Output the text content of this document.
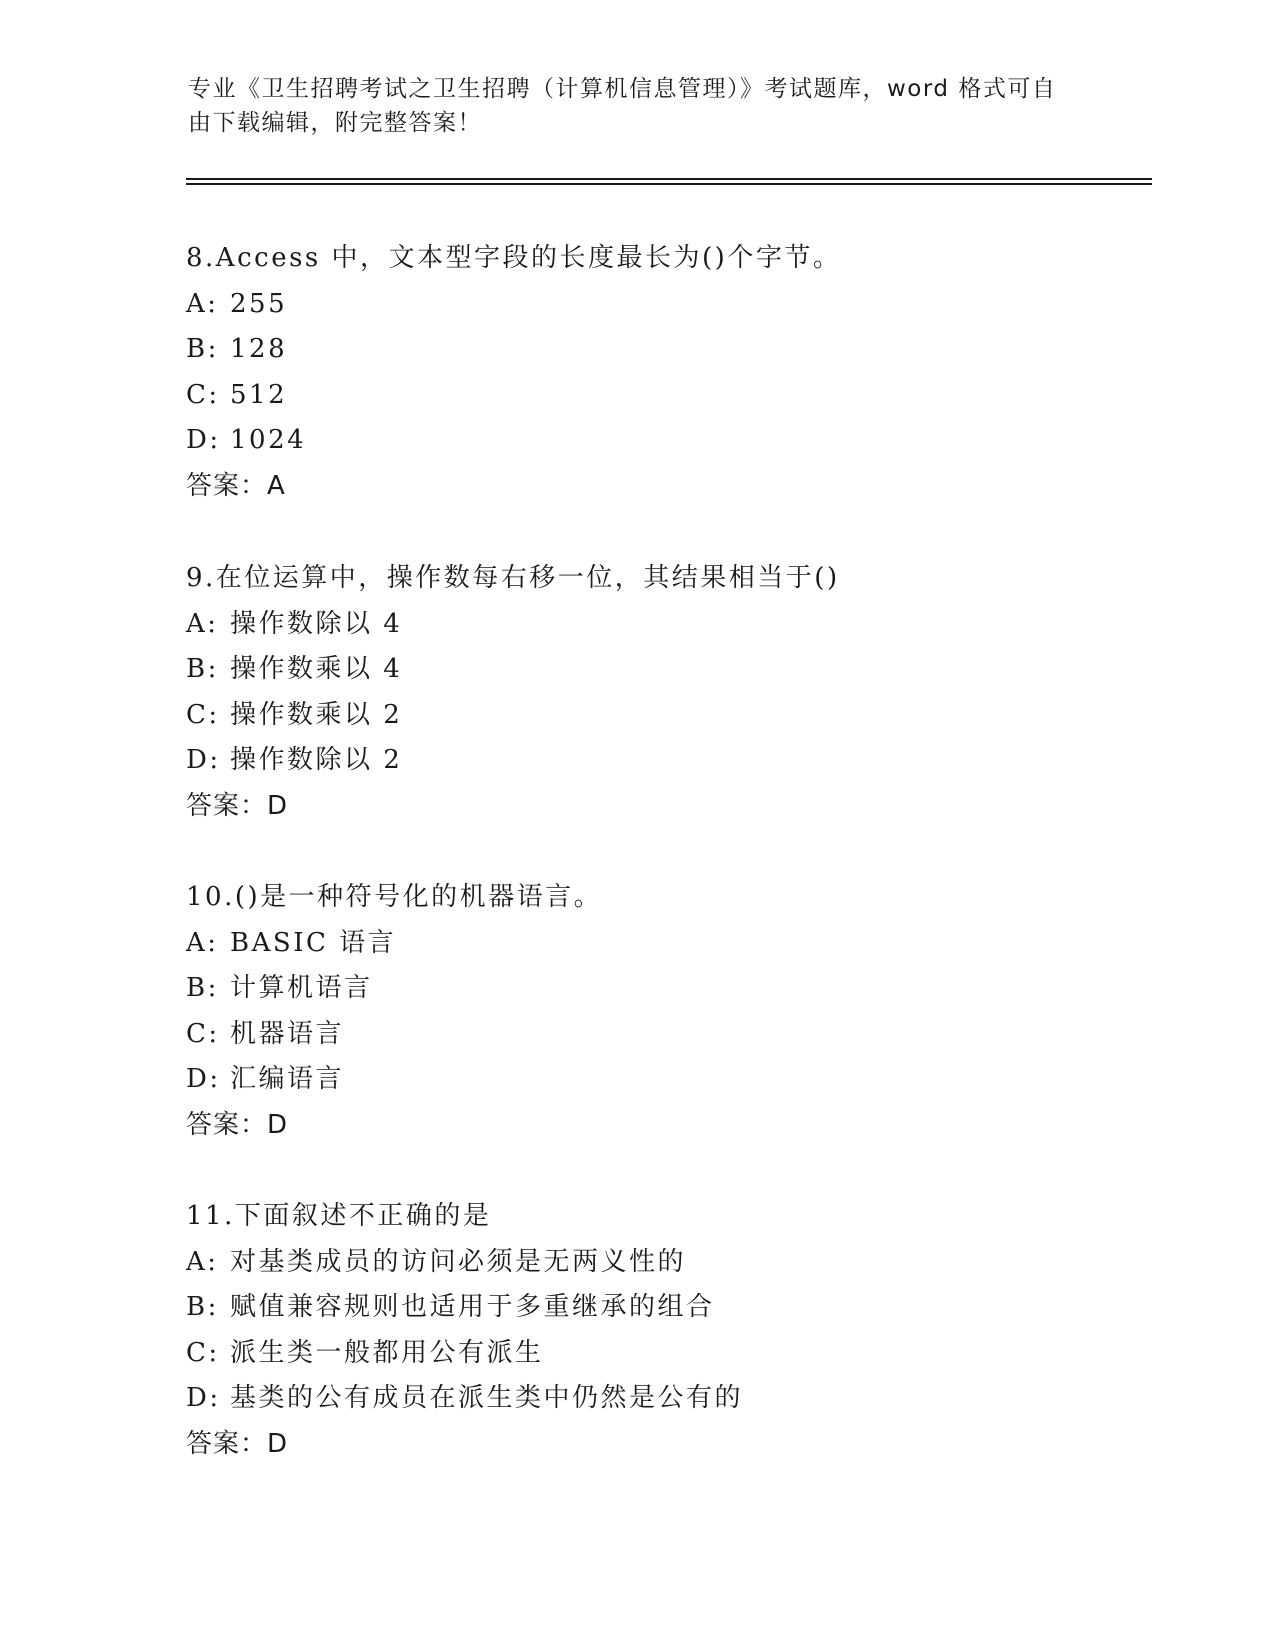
专业《卫生招聘考试之卫生招聘（计算机信息管理）》考试题库，word 格式可自
由下载编辑，附完整答案！
8.Access 中，文本型字段的长度最长为()个字节。
A: 255
B: 128
C: 512
D: 1024
答案：A
9.在位运算中，操作数每右移一位，其结果相当于()
A: 操作数除以 4
B: 操作数乘以 4
C: 操作数乘以 2
D: 操作数除以 2
答案：D
10.()是一种符号化的机器语言。
A: BASIC 语言
B: 计算机语言
C: 机器语言
D: 汇编语言
答案：D
11.下面叙述不正确的是
A: 对基类成员的访问必须是无两义性的
B: 赋值兼容规则也适用于多重继承的组合
C: 派生类一般都用公有派生
D: 基类的公有成员在派生类中仍然是公有的
答案：D
